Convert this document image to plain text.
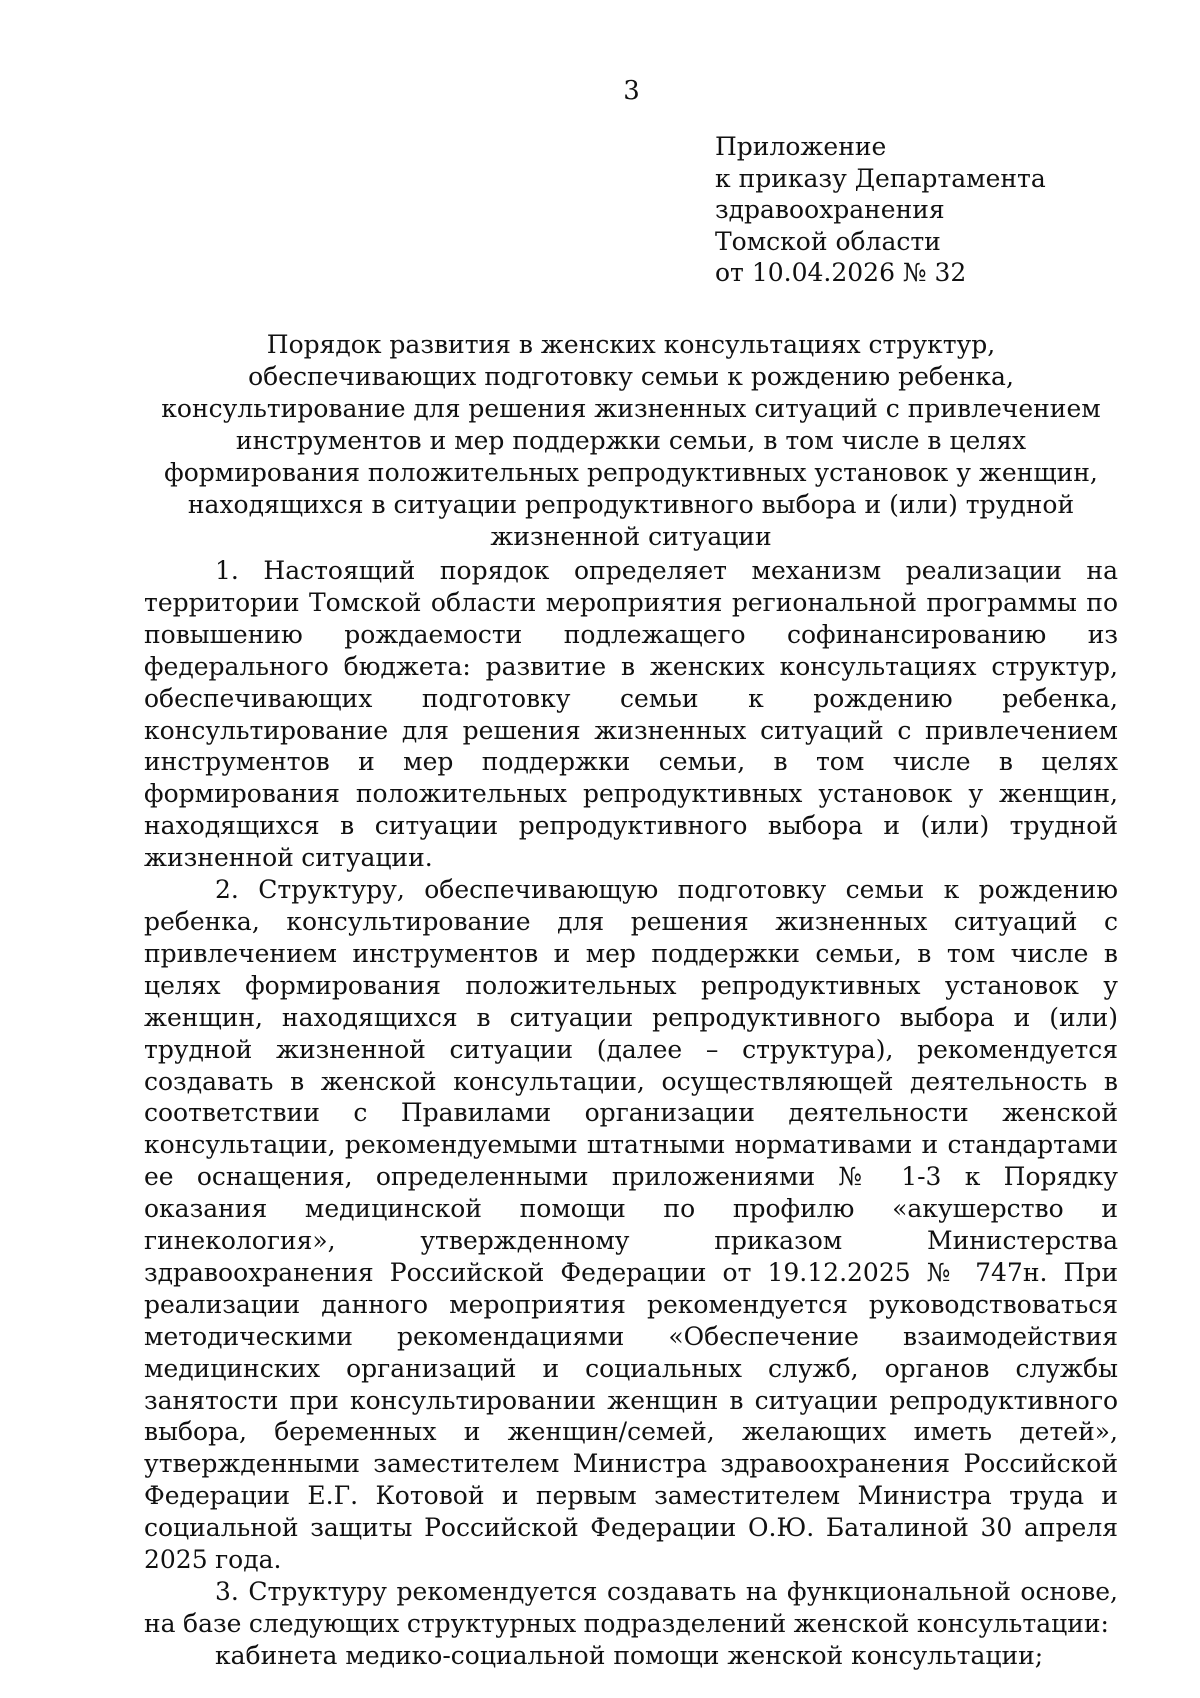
3
Приложение
к приказу Департамента
здравоохранения
Томской области
от 10.04.2026 № 32
Порядок развития в женских консультациях структур, обеспечивающих подготовку семьи к рождению ребенка, консультирование для решения жизненных ситуаций с привлечением инструментов и мер поддержки семьи, в том числе в целях формирования положительных репродуктивных установок у женщин, находящихся в ситуации репродуктивного выбора и (или) трудной жизненной ситуации

1. Настоящий порядок определяет механизм реализации на территории Томской области мероприятия региональной программы по повышению рождаемости подлежащего софинансированию из федерального бюджета: развитие в женских консультациях структур, обеспечивающих подготовку семьи к рождению ребенка, консультирование для решения жизненных ситуаций с привлечением инструментов и мер поддержки семьи, в том числе в целях формирования положительных репродуктивных установок у женщин, находящихся в ситуации репродуктивного выбора и (или) трудной жизненной ситуации.

2. Структуру, обеспечивающую подготовку семьи к рождению ребенка, консультирование для решения жизненных ситуаций с привлечением инструментов и мер поддержки семьи, в том числе в целях формирования положительных репродуктивных установок у женщин, находящихся в ситуации репродуктивного выбора и (или) трудной жизненной ситуации (далее – структура), рекомендуется создавать в женской консультации, осуществляющей деятельность в соответствии с Правилами организации деятельности женской консультации, рекомендуемыми штатными нормативами и стандартами ее оснащения, определенными приложениями № 1-3 к Порядку оказания медицинской помощи по профилю «акушерство и гинекология», утвержденному приказом Министерства здравоохранения Российской Федерации от 19.12.2025 № 747н. При реализации данного мероприятия рекомендуется руководствоваться методическими рекомендациями «Обеспечение взаимодействия медицинских организаций и социальных служб, органов службы занятости при консультировании женщин в ситуации репродуктивного выбора, беременных и женщин/семей, желающих иметь детей», утвержденными заместителем Министра здравоохранения Российской Федерации Е.Г. Котовой и первым заместителем Министра труда и социальной защиты Российской Федерации О.Ю. Баталиной 30 апреля 2025 года.

3. Структуру рекомендуется создавать на функциональной основе, на базе следующих структурных подразделений женской консультации:

кабинета медико-социальной помощи женской консультации;
